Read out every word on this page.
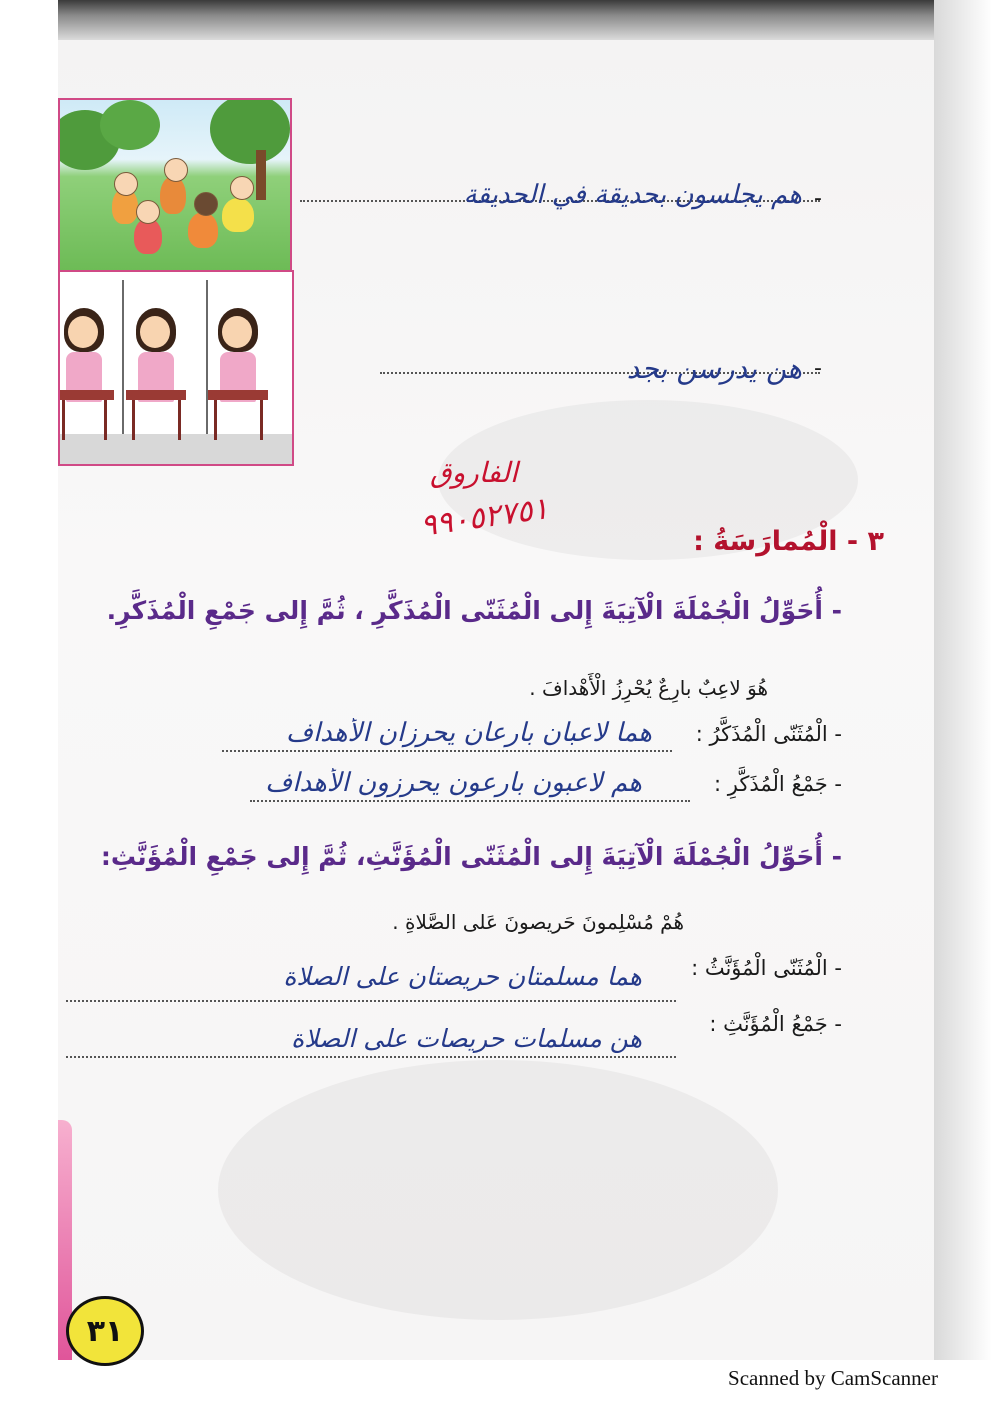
-
هم يجلسون بحديقة في الحديقة
-
هن يدرسن بجد
الفاروق
٩٩٠٥٢٧٥١	٣ - الْمُمارَسَةُ :
- أُحَوِّلُ الْجُمْلَةَ الْآتِيَةَ إِلى الْمُثَنّى الْمُذَكَّرِ ، ثُمَّ إِلى جَمْعِ الْمُذَكَّرِ.
هُوَ لاعِبٌ بارِعٌ يُحْرِزُ الْأَهْدافَ .
- الْمُثَنّى الْمُذَكَّرُ :
هما لاعبان بارعان يحرزان الأهداف
- جَمْعُ الْمُذَكَّرِ :
هم لاعبون بارعون يحرزون الأهداف
- أُحَوِّلُ الْجُمْلَةَ الْآتِيَةَ إِلى الْمُثَنّى الْمُؤَنَّثِ، ثُمَّ إِلى جَمْعِ الْمُؤَنَّثِ:
هُمْ مُسْلِمونَ حَريصونَ عَلى الصَّلاةِ .
- الْمُثَنّى الْمُؤَنَّثُ :
هما مسلمتان حريصتان على الصلاة
- جَمْعُ الْمُؤَنَّثِ :
هن مسلمات حريصات على الصلاة
٣١
Scanned by CamScanner
